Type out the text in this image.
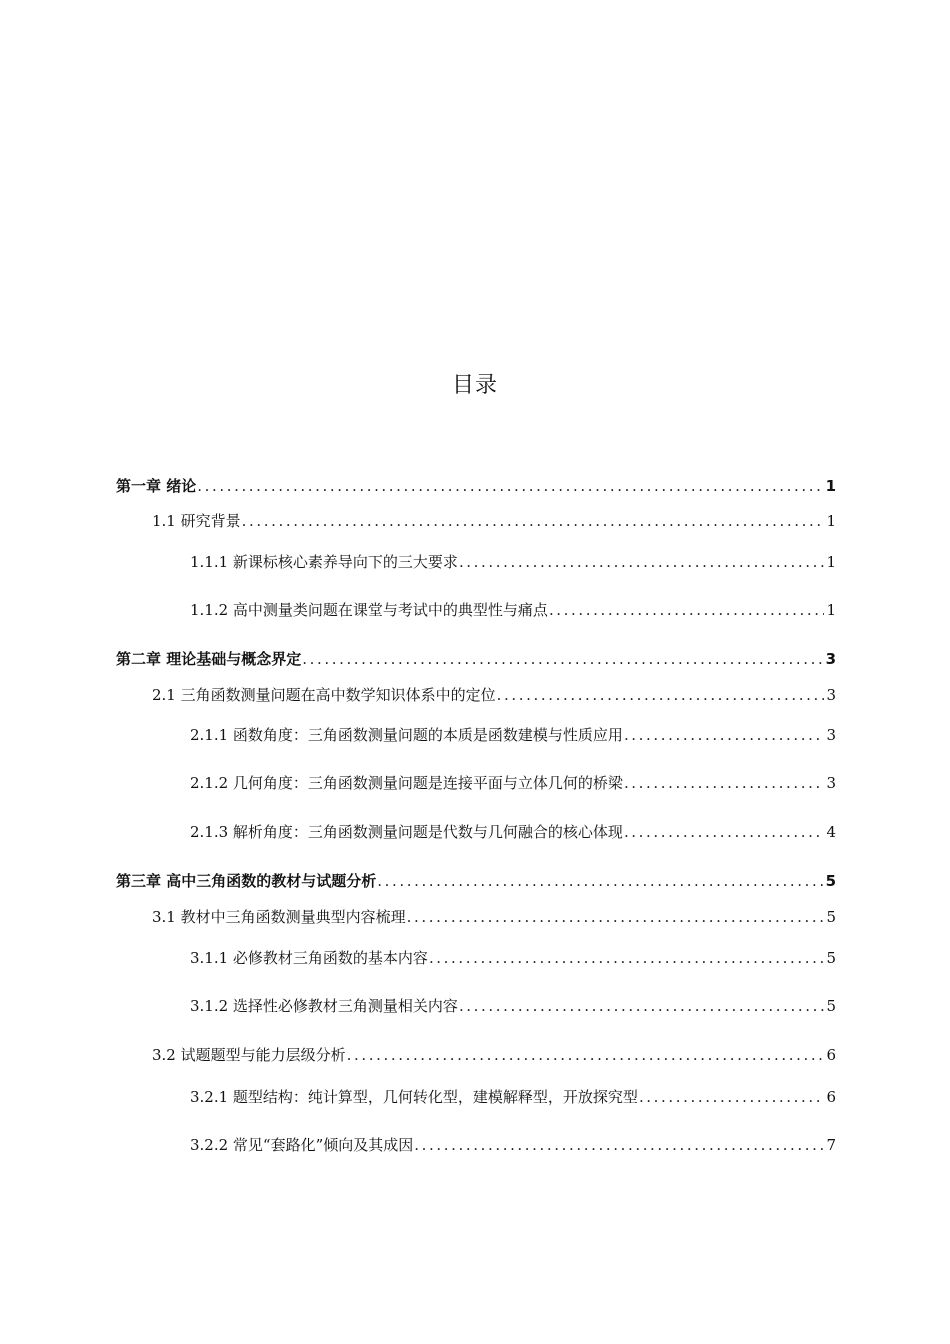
目录
第一章 绪论 .....	1
1.1 研究背景 .....	1
1.1.1 新课标核心素养导向下的三大要求 .....	1
1.1.2 高中测量类问题在课堂与考试中的典型性与痛点 .....	1
第二章 理论基础与概念界定 .....	3
2.1 三角函数测量问题在高中数学知识体系中的定位 .....	3
2.1.1 函数角度：三角函数测量问题的本质是函数建模与性质应用 .....	3
2.1.2 几何角度：三角函数测量问题是连接平面与立体几何的桥梁 .....	3
2.1.3 解析角度：三角函数测量问题是代数与几何融合的核心体现 .....	4
第三章 高中三角函数的教材与试题分析 .....	5
3.1 教材中三角函数测量典型内容梳理 .....	5
3.1.1 必修教材三角函数的基本内容 .....	5
3.1.2 选择性必修教材三角测量相关内容 .....	5
3.2 试题题型与能力层级分析 .....	6
3.2.1 题型结构：纯计算型，几何转化型，建模解释型，开放探究型 .....	6
3.2.2 常见“套路化”倾向及其成因 .....	7
